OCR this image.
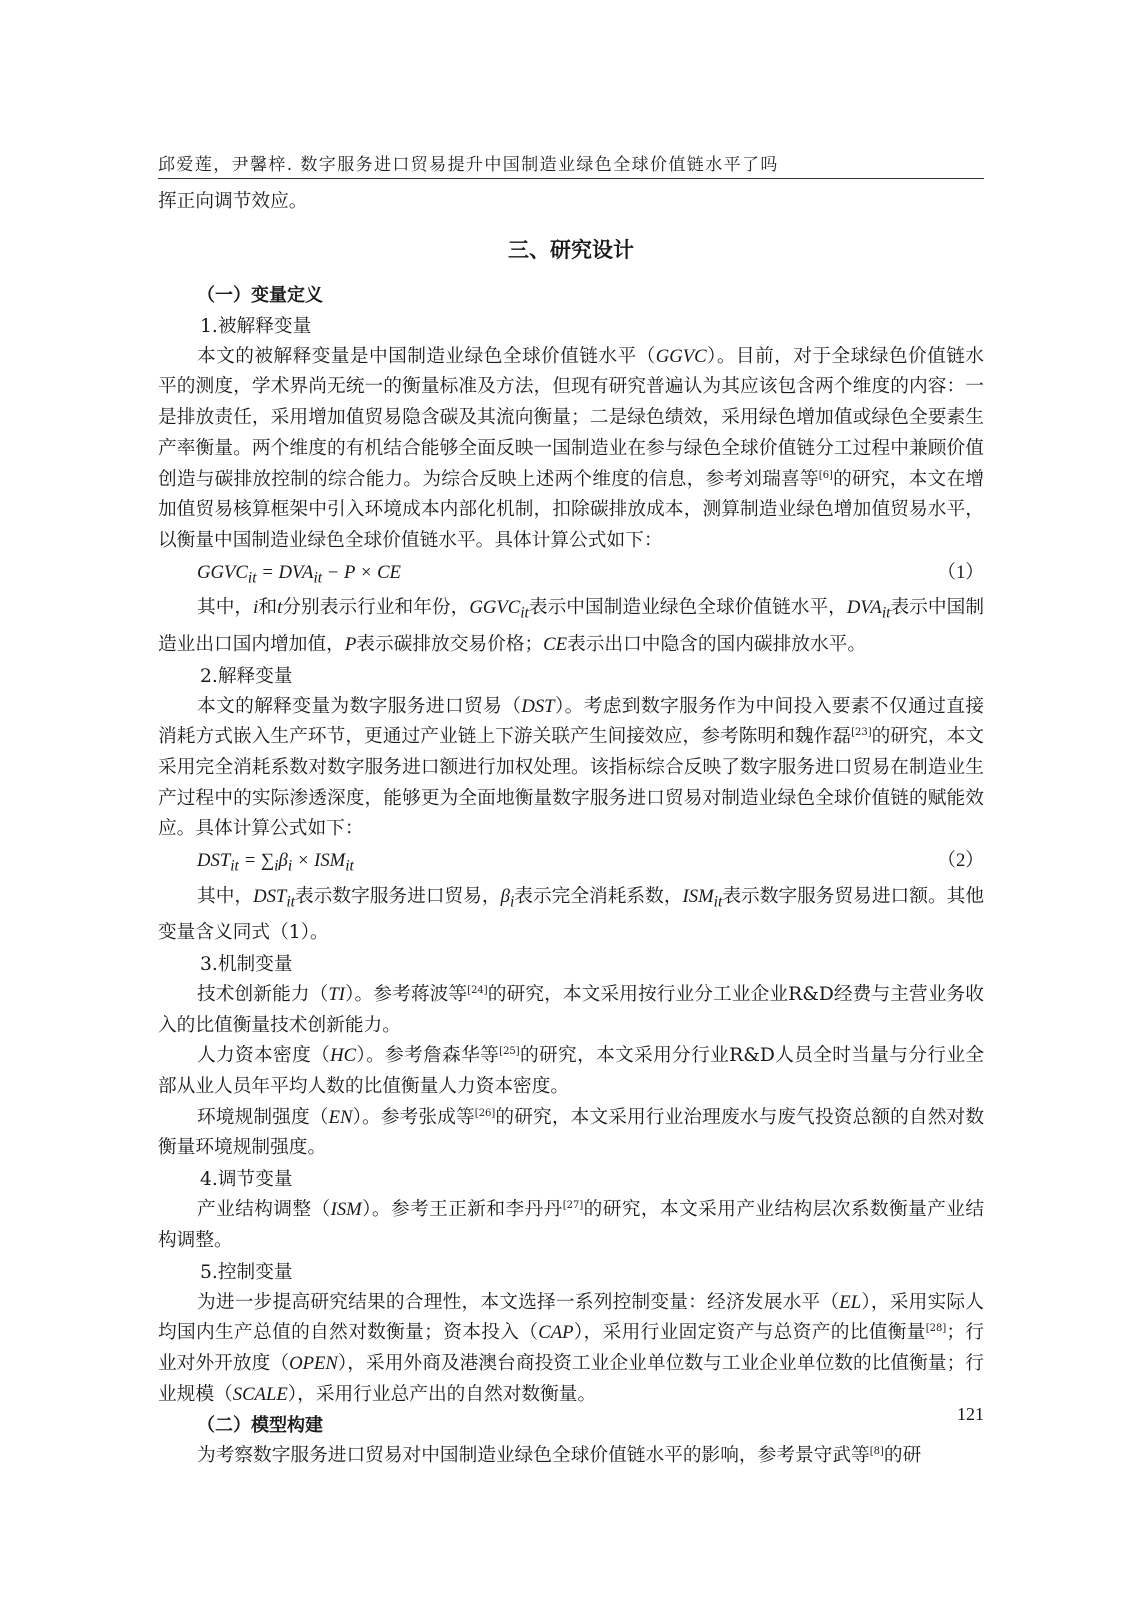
邱爱莲，尹馨梓. 数字服务进口贸易提升中国制造业绿色全球价值链水平了吗

挥正向调节效应。

三、研究设计
（一）变量定义
1.被解释变量

本文的被解释变量是中国制造业绿色全球价值链水平（GGVC）。目前，对于全球绿色价值链水平的测度，学术界尚无统一的衡量标准及方法，但现有研究普遍认为其应该包含两个维度的内容：一是排放责任，采用增加值贸易隐含碳及其流向衡量；二是绿色绩效，采用绿色增加值或绿色全要素生产率衡量。两个维度的有机结合能够全面反映一国制造业在参与绿色全球价值链分工过程中兼顾价值创造与碳排放控制的综合能力。为综合反映上述两个维度的信息，参考刘瑞喜等[6]的研究，本文在增加值贸易核算框架中引入环境成本内部化机制，扣除碳排放成本，测算制造业绿色增加值贸易水平，以衡量中国制造业绿色全球价值链水平。具体计算公式如下：

$GGVC_{it} = DVA_{it} - P$ × CE	（1）

其中，i和t分别表示行业和年份，$GGVC_{it}$表示中国制造业绿色全球价值链水平，$DVA_{it}$表示中国制造业出口国内增加值，P表示碳排放交易价格；CE表示出口中隐含的国内碳排放水平。

2.解释变量

本文的解释变量为数字服务进口贸易（DST）。考虑到数字服务作为中间投入要素不仅通过直接消耗方式嵌入生产环节，更通过产业链上下游关联产生间接效应，参考陈明和魏作磊[23]的研究，本文采用完全消耗系数对数字服务进口额进行加权处理。该指标综合反映了数字服务进口贸易在制造业生产过程中的实际渗透深度，能够更为全面地衡量数字服务进口贸易对制造业绿色全球价值链的赋能效应。具体计算公式如下：

$DST_{it} = \sum_i\beta_i \times ISM_{it}$	（2）

其中，$DST_{it}$表示数字服务进口贸易，$\beta_i$表示完全消耗系数，$ISM_{it}$表示数字服务贸易进口额。其他变量含义同式（1）。

3.机制变量

技术创新能力（TI）。参考蒋波等[24]的研究，本文采用按行业分工业企业R&D经费与主营业务收入的比值衡量技术创新能力。

人力资本密度（HC）。参考詹森华等[25]的研究，本文采用分行业R&D人员全时当量与分行业全部从业人员年平均人数的比值衡量人力资本密度。

环境规制强度（EN）。参考张成等[26]的研究，本文采用行业治理废水与废气投资总额的自然对数衡量环境规制强度。

4.调节变量

产业结构调整（ISM）。参考王正新和李丹丹[27]的研究，本文采用产业结构层次系数衡量产业结构调整。

5.控制变量

为进一步提高研究结果的合理性，本文选择一系列控制变量：经济发展水平（EL），采用实际人均国内生产总值的自然对数衡量；资本投入（CAP），采用行业固定资产与总资产的比值衡量[28]；行业对外开放度（OPEN），采用外商及港澳台商投资工业企业单位数与工业企业单位数的比值衡量；行业规模（SCALE），采用行业总产出的自然对数衡量。

（二）模型构建

为考察数字服务进口贸易对中国制造业绿色全球价值链水平的影响，参考景守武等[8]的研

121
